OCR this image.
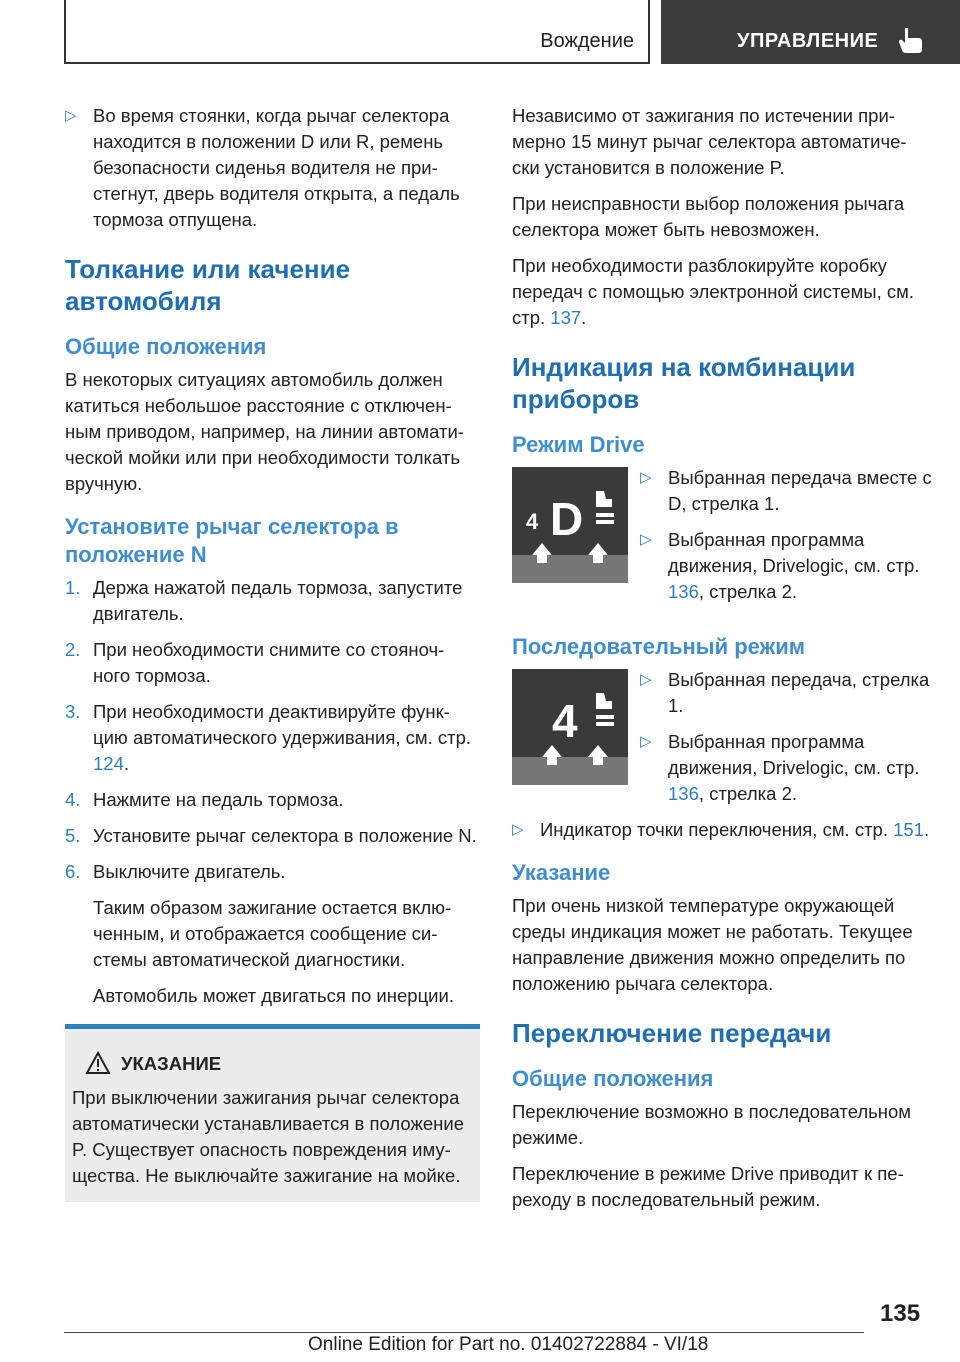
Вождение	УПРАВЛЕНИЕ
▷ Во время стоянки, когда рычаг селектора находится в положении D или R, ремень безопасности сиденья водителя не при-стегнут, дверь водителя открыта, а педаль тормоза отпущена.
Толкание или качение автомобиля
Общие положения

В некоторых ситуациях автомобиль должен катиться небольшое расстояние с отключен-ным приводом, например, на линии автомати-ческой мойки или при необходимости толкать вручную.

Установите рычаг селектора в положение N
1. Держа нажатой педаль тормоза, запустите двигатель.
2. При необходимости снимите со стояноч-ного тормоза.
3. При необходимости деактивируйте функ-цию автоматического удерживания, см. стр. 124.
4. Нажмите на педаль тормоза.
5. Установите рычаг селектора в положение N.
6. Выключите двигатель.
Таким образом зажигание остается вклю-ченным, и отображается сообщение си-стемы автоматической диагностики.
Автомобиль может двигаться по инерции.
УКАЗАНИЕ
При выключении зажигания рычаг селектора автоматически устанавливается в положение P. Существует опасность повреждения иму-щества. Не выключайте зажигание на мойке.

Независимо от зажигания по истечении при-мерно 15 минут рычаг селектора автоматиче-ски установится в положение P.

При неисправности выбор положения рычага селектора может быть невозможен.

При необходимости разблокируйте коробку передач с помощью электронной системы, см. стр. 137.

Индикация на комбинации приборов
Режим Drive
4 D
▷ Выбранная передача вместе с D, стрелка 1.
▷ Выбранная программа движения, Drivelogic, см. стр. 136, стрелка 2.
Последовательный режим
4
▷ Выбранная передача, стрелка 1.
▷ Выбранная программа движения, Drivelogic, см. стр. 136, стрелка 2.
▷ Индикатор точки переключения, см. стр. 151.
Указание

При очень низкой температуре окружающей среды индикация может не работать. Текущее направление движения можно определить по положению рычага селектора.

Переключение передачи
Общие положения

Переключение возможно в последовательном режиме.

Переключение в режиме Drive приводит к пе-реходу в последовательный режим.

135
Online Edition for Part no. 01402722884 - VI/18
